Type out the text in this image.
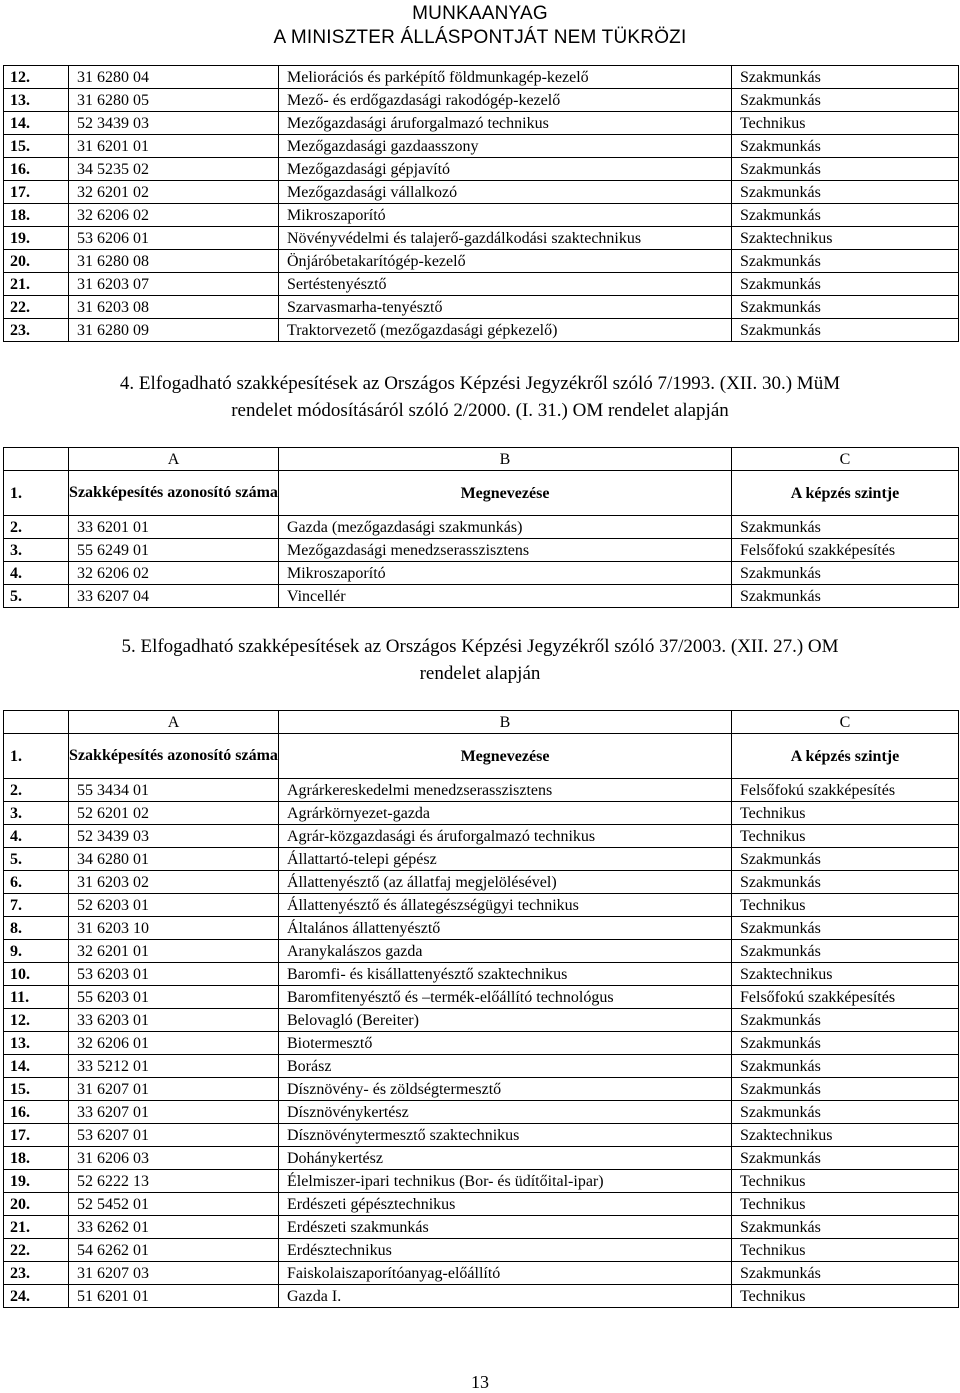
MUNKAANYAG
A MINISZTER ÁLLÁSPONTJÁT NEM TÜKRÖZI
12.	31 6280 04	Meliorációs és parképítő földmunkagép-kezelő	Szakmunkás
13.	31 6280 05	Mező- és erdőgazdasági rakodógép-kezelő	Szakmunkás
14.	52 3439 03	Mezőgazdasági áruforgalmazó technikus	Technikus
15.	31 6201 01	Mezőgazdasági gazdaasszony	Szakmunkás
16.	34 5235 02	Mezőgazdasági gépjavító	Szakmunkás
17.	32 6201 02	Mezőgazdasági vállalkozó	Szakmunkás
18.	32 6206 02	Mikroszaporító	Szakmunkás
19.	53 6206 01	Növényvédelmi és talajerő-gazdálkodási szaktechnikus	Szaktechnikus
20.	31 6280 08	Önjáróbetakarítógép-kezelő	Szakmunkás
21.	31 6203 07	Sertéstenyésztő	Szakmunkás
22.	31 6203 08	Szarvasmarha-tenyésztő	Szakmunkás
23.	31 6280 09	Traktorvezető (mezőgazdasági gépkezelő)	Szakmunkás
4. Elfogadható szakképesítések az Országos Képzési Jegyzékről szóló 7/1993. (XII. 30.) MüM
rendelet módosításáról szóló 2/2000. (I. 31.) OM rendelet alapján
	A	B	C
1.	Szakképesítés azonosító száma	Megnevezése	A képzés szintje
2.	33 6201 01	Gazda (mezőgazdasági szakmunkás)	Szakmunkás
3.	55 6249 01	Mezőgazdasági menedzserasszisztens	Felsőfokú szakképesítés
4.	32 6206 02	Mikroszaporító	Szakmunkás
5.	33 6207 04	Vincellér	Szakmunkás
5. Elfogadható szakképesítések az Országos Képzési Jegyzékről szóló 37/2003. (XII. 27.) OM
rendelet alapján
	A	B	C
1.	Szakképesítés azonosító száma	Megnevezése	A képzés szintje
2.	55 3434 01	Agrárkereskedelmi menedzserasszisztens	Felsőfokú szakképesítés
3.	52 6201 02	Agrárkörnyezet-gazda	Technikus
4.	52 3439 03	Agrár-közgazdasági és áruforgalmazó technikus	Technikus
5.	34 6280 01	Állattartó-telepi gépész	Szakmunkás
6.	31 6203 02	Állattenyésztő (az állatfaj megjelölésével)	Szakmunkás
7.	52 6203 01	Állattenyésztő és állategészségügyi technikus	Technikus
8.	31 6203 10	Általános állattenyésztő	Szakmunkás
9.	32 6201 01	Aranykalászos gazda	Szakmunkás
10.	53 6203 01	Baromfi- és kisállattenyésztő szaktechnikus	Szaktechnikus
11.	55 6203 01	Baromfitenyésztő és –termék-előállító technológus	Felsőfokú szakképesítés
12.	33 6203 01	Belovagló (Bereiter)	Szakmunkás
13.	32 6206 01	Biotermesztő	Szakmunkás
14.	33 5212 01	Borász	Szakmunkás
15.	31 6207 01	Dísznövény- és zöldségtermesztő	Szakmunkás
16.	33 6207 01	Dísznövénykertész	Szakmunkás
17.	53 6207 01	Dísznövénytermesztő szaktechnikus	Szaktechnikus
18.	31 6206 03	Dohánykertész	Szakmunkás
19.	52 6222 13	Élelmiszer-ipari technikus (Bor- és üdítőital-ipar)	Technikus
20.	52 5452 01	Erdészeti gépésztechnikus	Technikus
21.	33 6262 01	Erdészeti szakmunkás	Szakmunkás
22.	54 6262 01	Erdésztechnikus	Technikus
23.	31 6207 03	Faiskolaiszaporítóanyag-előállító	Szakmunkás
24.	51 6201 01	Gazda I.	Technikus
13
